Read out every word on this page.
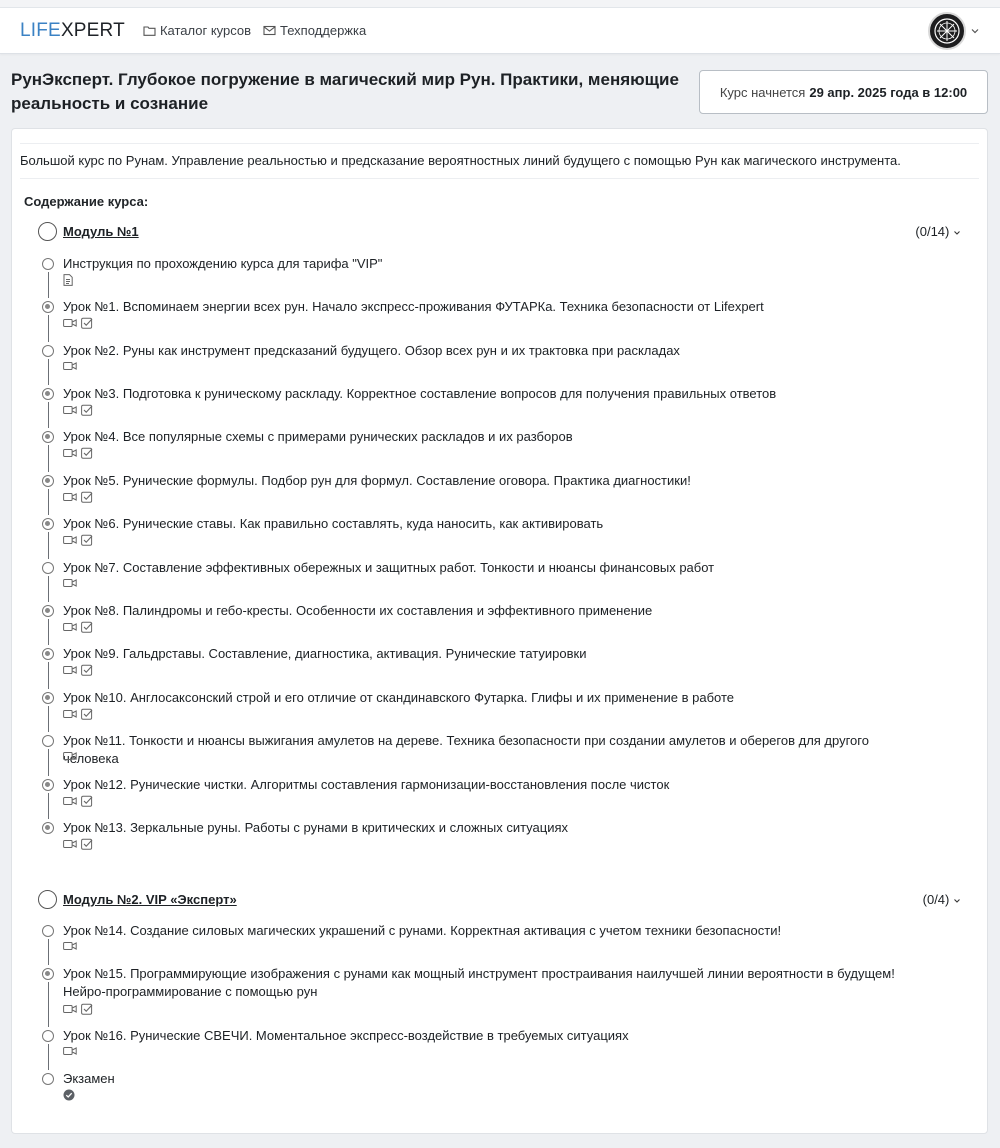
LIFEXPERT	Каталог курсов Техподдержка
РунЭксперт. Глубокое погружение в магический мир Рун. Практики, меняющие реальность и сознание
Курс начнется 29 апр. 2025 года в 12:00
Большой курс по Рунам. Управление реальностью и предсказание вероятностных линий будущего с помощью Рун как магического инструмента.
Содержание курса:
Модуль №1	(0/14)
Инструкция по прохождению курса для тарифа "VIP"
Урок №1. Вспоминаем энергии всех рун. Начало экспресс-проживания ФУТАРКа. Техника безопасности от Lifexpert
Урок №2. Руны как инструмент предсказаний будущего. Обзор всех рун и их трактовка при раскладах
Урок №3. Подготовка к руническому раскладу. Корректное составление вопросов для получения правильных ответов
Урок №4. Все популярные схемы с примерами рунических раскладов и их разборов
Урок №5. Рунические формулы. Подбор рун для формул. Составление оговора. Практика диагностики!
Урок №6. Рунические ставы. Как правильно составлять, куда наносить, как активировать
Урок №7. Составление эффективных обережных и защитных работ. Тонкости и нюансы финансовых работ
Урок №8. Палиндромы и гебо-кресты. Особенности их составления и эффективного применение
Урок №9. Гальдрставы. Составление, диагностика, активация. Рунические татуировки
Урок №10. Англосаксонский строй и его отличие от скандинавского Футарка. Глифы и их применение в работе
Урок №11. Тонкости и нюансы выжигания амулетов на дереве. Техника безопасности при создании амулетов и оберегов для другого человека
Урок №12. Рунические чистки. Алгоритмы составления гармонизации-восстановления после чисток
Урок №13. Зеркальные руны. Работы с рунами в критических и сложных ситуациях
Модуль №2. VIP «Эксперт»	(0/4)
Урок №14. Создание силовых магических украшений с рунами. Корректная активация с учетом техники безопасности!
Урок №15. Программирующие изображения с рунами как мощный инструмент простраивания наилучшей линии вероятности в будущем! Нейро-программирование с помощью рун
Урок №16. Рунические СВЕЧИ. Моментальное экспресс-воздействие в требуемых ситуациях
Экзамен
